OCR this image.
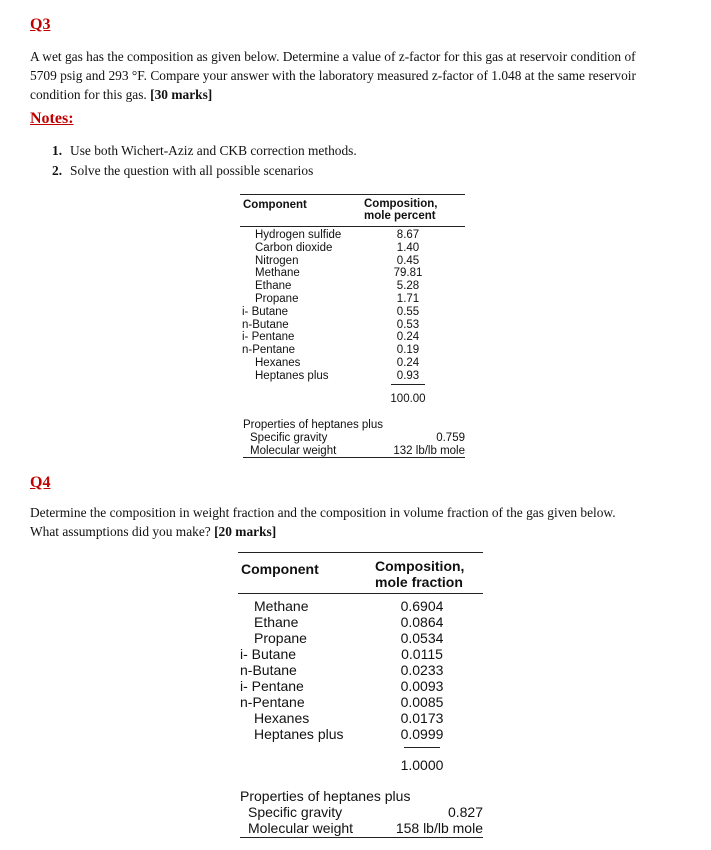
Q3
A wet gas has the composition as given below. Determine a value of z-factor for this gas at reservoir condition of
5709 psig and 293 °F. Compare your answer with the laboratory measured z-factor of 1.048 at the same reservoir
condition for this gas. [30 marks]
Notes:
1. Use both Wichert-Aziz and CKB correction methods.
2. Solve the question with all possible scenarios
Component	Composition,
mole percent
Hydrogen sulfide	8.67
Carbon dioxide	1.40
Nitrogen	0.45
Methane	79.81
Ethane	5.28
Propane	1.71
i- Butane	0.55
n-Butane	0.53
i- Pentane	0.24
n-Pentane	0.19
Hexanes	0.24
Heptanes plus	0.93
100.00
Properties of heptanes plus
Specific gravity	0.759
Molecular weight	132 lb/lb mole
Q4
Determine the composition in weight fraction and the composition in volume fraction of the gas given below.
What assumptions did you make? [20 marks]
Component	Composition,
mole fraction
Methane	0.6904
Ethane	0.0864
Propane	0.0534
i- Butane	0.0115
n-Butane	0.0233
i- Pentane	0.0093
n-Pentane	0.0085
Hexanes	0.0173
Heptanes plus	0.0999
1.0000
Properties of heptanes plus
Specific gravity	0.827
Molecular weight	158 lb/lb mole
